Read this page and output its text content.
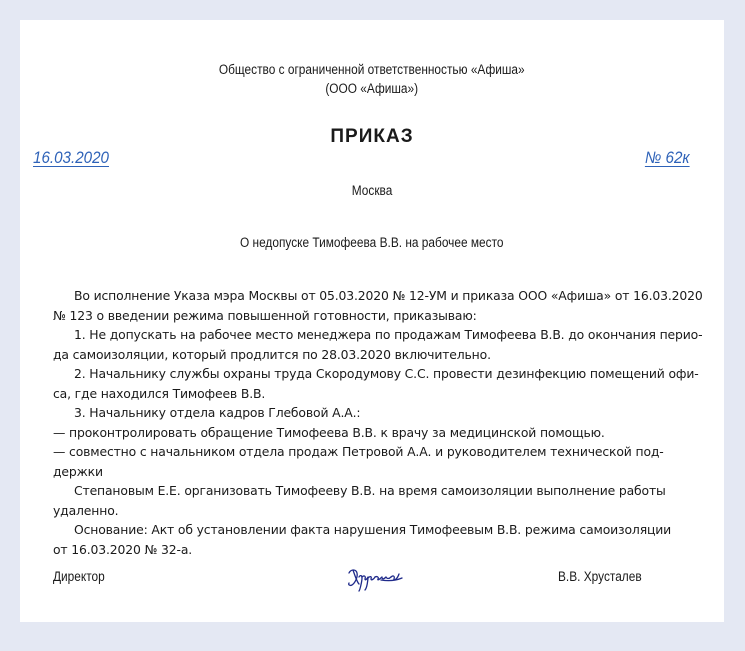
Общество с ограниченной ответственностью «Афиша»
(ООО «Афиша»)
ПРИКАЗ
16.03.2020	№ 62к
Москва
О недопуске Тимофеева В.В. на рабочее место

Во исполнение Указа мэра Москвы от 05.03.2020 № 12-УМ и приказа ООО «Афиша» от 16.03.2020

№ 123 о введении режима повышенной готовности, приказываю:

1. Не допускать на рабочее место менеджера по продажам Тимофеева В.В. до окончания перио-

да самоизоляции, который продлится по 28.03.2020 включительно.

2. Начальнику службы охраны труда Скородумову С.С. провести дезинфекцию помещений офи-

са, где находился Тимофеев В.В.

3. Начальнику отдела кадров Глебовой А.А.:

— проконтролировать обращение Тимофеева В.В. к врачу за медицинской помощью.

— совместно с начальником отдела продаж Петровой А.А. и руководителем технической под-

держки

Степановым Е.Е. организовать Тимофееву В.В. на время самоизоляции выполнение работы

удаленно.

Основание: Акт об установлении факта нарушения Тимофеевым В.В. режима самоизоляции

от 16.03.2020 № 32-а.

Директор	В.В. Хрусталев
